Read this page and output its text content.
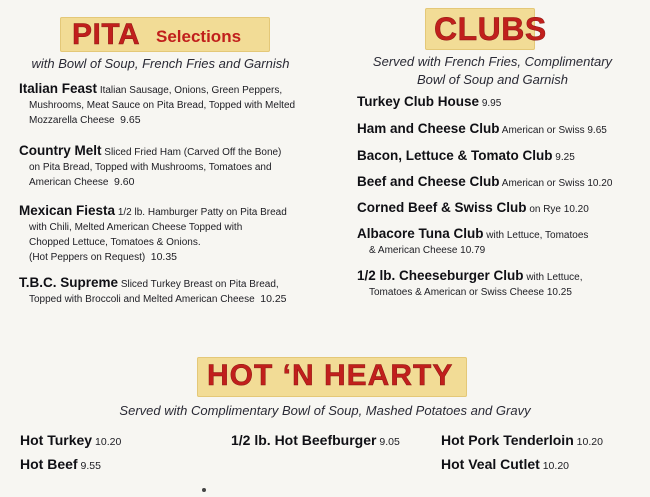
PITA Selections
with Bowl of Soup, French Fries and Garnish
Italian Feast Italian Sausage, Onions, Green Peppers,
Mushrooms, Meat Sauce on Pita Bread, Topped with Melted
Mozzarella Cheese 9.65
Country Melt Sliced Fried Ham (Carved Off the Bone)
on Pita Bread, Topped with Mushrooms, Tomatoes and
American Cheese 9.60
Mexican Fiesta 1/2 lb. Hamburger Patty on Pita Bread
with Chili, Melted American Cheese Topped with
Chopped Lettuce, Tomatoes & Onions.
(Hot Peppers on Request) 10.35
T.B.C. Supreme Sliced Turkey Breast on Pita Bread,
Topped with Broccoli and Melted American Cheese 10.25
CLUBS
Served with French Fries, Complimentary
Bowl of Soup and Garnish
Turkey Club House 9.95
Ham and Cheese Club American or Swiss 9.65
Bacon, Lettuce & Tomato Club 9.25
Beef and Cheese Club American or Swiss 10.20
Corned Beef & Swiss Club on Rye 10.20
Albacore Tuna Club with Lettuce, Tomatoes
& American Cheese 10.79
1/2 lb. Cheeseburger Club with Lettuce,
Tomatoes & American or Swiss Cheese 10.25
HOT ‘N HEARTY
Served with Complimentary Bowl of Soup, Mashed Potatoes and Gravy
Hot Turkey 10.20
Hot Beef 9.55
1/2 lb. Hot Beefburger 9.05	Hot Pork Tenderloin 10.20
Hot Veal Cutlet 10.20
